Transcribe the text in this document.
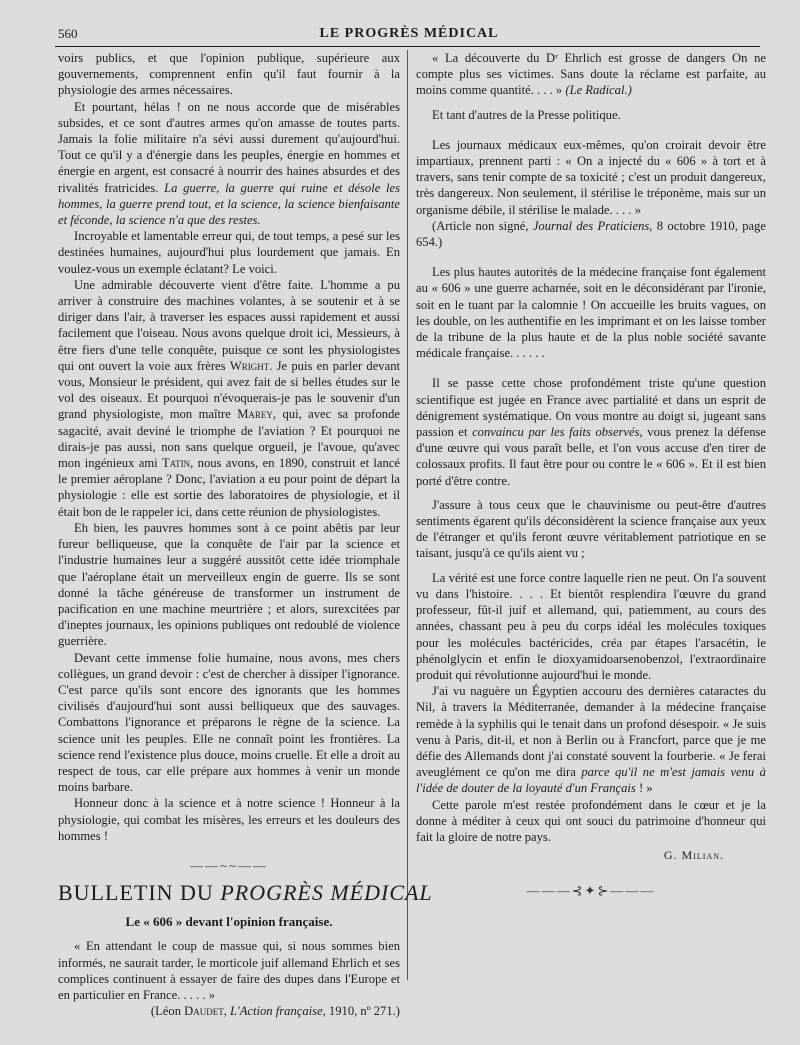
560	LE PROGRÈS MÉDICAL

voirs publics, et que l'opinion publique, supérieure aux gouvernements, comprennent enfin qu'il faut fournir à la physiologie des armes nécessaires.

Et pourtant, hélas ! on ne nous accorde que de misérables subsides, et ce sont d'autres armes qu'on amasse de toutes parts. Jamais la folie militaire n'a sévi aussi durement qu'aujourd'hui. Tout ce qu'il y a d'énergie dans les peuples, énergie en hommes et énergie en argent, est consacré à nourrir des haines absurdes et des rivalités fratricides. La guerre, la guerre qui ruine et désole les hommes, la guerre prend tout, et la science, la science bienfaisante et féconde, la science n'a que des restes.

Incroyable et lamentable erreur qui, de tout temps, a pesé sur les destinées humaines, aujourd'hui plus lourdement que jamais. En voulez-vous un exemple éclatant? Le voici.

Une admirable découverte vient d'être faite. L'homme a pu arriver à construire des machines volantes, à se soutenir et à se diriger dans l'air, à traverser les espaces aussi rapidement et aussi facilement que l'oiseau. Nous avons quelque droit ici, Messieurs, à être fiers d'une telle conquête, puisque ce sont les physiologistes qui ont ouvert la voie aux frères Wright. Je puis en parler devant vous, Monsieur le président, qui avez fait de si belles études sur le vol des oiseaux. Et pourquoi n'évoquerais-je pas le souvenir d'un grand physiologiste, mon maître Marey, qui, avec sa profonde sagacité, avait deviné le triomphe de l'aviation ? Et pourquoi ne dirais-je pas aussi, non sans quelque orgueil, je l'avoue, qu'avec mon ingénieux ami Tatin, nous avons, en 1890, construit et lancé le premier aéroplane ? Donc, l'aviation a eu pour point de départ la physiologie : elle est sortie des laboratoires de physiologie, et il était bon de le rappeler ici, dans cette réunion de physiologistes.

Eh bien, les pauvres hommes sont à ce point abêtis par leur fureur belliqueuse, que la conquête de l'air par la science et l'industrie humaines leur a suggéré aussitôt cette idée triomphale que l'aéroplane était un merveilleux engin de guerre. Ils se sont donné la tâche généreuse de transformer un instrument de pacification en une machine meurtrière ; et alors, surexcitées par d'ineptes journaux, les opinions publiques ont redoublé de violence guerrière.

Devant cette immense folie humaine, nous avons, mes chers collègues, un grand devoir : c'est de chercher à dissiper l'ignorance. C'est parce qu'ils sont encore des ignorants que les hommes civilisés d'aujourd'hui sont aussi belliqueux que des sauvages. Combattons l'ignorance et préparons le règne de la science. La science unit les peuples. Elle ne connaît point les frontières. La science rend l'existence plus douce, moins cruelle. Et elle a droit au respect de tous, car elle prépare aux hommes à venir un monde moins barbare.

Honneur donc à la science et à notre science ! Honneur à la physiologie, qui combat les misères, les erreurs et les douleurs des hommes !

——~~——
BULLETIN DU PROGRÈS MÉDICAL
Le « 606 » devant l'opinion française.

« En attendant le coup de massue qui, si nous sommes bien informés, ne saurait tarder, le morticole juif allemand Ehrlich et ses complices continuent à essayer de faire des dupes dans l'Europe et en particulier en France. . . . . »

(Léon Daudet, L'Action française, 1910, nº 271.)

« La découverte du Dʳ Ehrlich est grosse de dangers On ne compte plus ses victimes. Sans doute la réclame est parfaite, au moins comme quantité. . . . » (Le Radical.)

Et tant d'autres de la Presse politique.

Les journaux médicaux eux-mêmes, qu'on croirait devoir être impartiaux, prennent parti : « On a injecté du « 606 » à tort et à travers, sans tenir compte de sa toxicité ; c'est un produit dangereux, très dangereux. Non seulement, il stérilise le tréponème, mais sur un organisme débile, il stérilise le malade. . . . »

(Article non signé, Journal des Praticiens, 8 octobre 1910, page 654.)

Les plus hautes autorités de la médecine française font également au « 606 » une guerre acharnée, soit en le déconsidérant par l'ironie, soit en le tuant par la calomnie ! On accueille les bruits vagues, on les double, on les authentifie en les imprimant et on les laisse tomber de la tribune de la plus haute et de la plus noble société savante médicale française. . . . . .

Il se passe cette chose profondément triste qu'une question scientifique est jugée en France avec partialité et dans un esprit de dénigrement systématique. On vous montre au doigt si, jugeant sans passion et convaincu par les faits observés, vous prenez la défense d'une œuvre qui vous paraît belle, et l'on vous accuse d'en tirer de colossaux profits. Il faut être pour ou contre le « 606 ». Et il est bien porté d'être contre.

J'assure à tous ceux que le chauvinisme ou peut-être d'autres sentiments égarent qu'ils déconsidèrent la science française aux yeux de l'étranger et qu'ils feront œuvre véritablement patriotique en se taisant, jusqu'à ce qu'ils aient vu ;

La vérité est une force contre laquelle rien ne peut. On l'a souvent vu dans l'histoire. . . . Et bientôt resplendira l'œuvre du grand professeur, fût-il juif et allemand, qui, patiemment, au cours des années, chassant peu à peu du corps idéal les molécules toxiques pour les molécules bactéricides, créa par étapes l'arsacétin, le phénolglycin et enfin le dioxyamidoarsenobenzol, l'extraordinaire produit qui révolutionne aujourd'hui le monde.

J'ai vu naguère un Égyptien accouru des dernières cataractes du Nil, à travers la Méditerranée, demander à la médecine française remède à la syphilis qui le tenait dans un profond désespoir. « Je suis venu à Paris, dit-il, et non à Berlin ou à Francfort, parce que je me défie des Allemands dont j'ai constaté souvent la fourberie. « Je ferai aveuglément ce qu'on me dira parce qu'il ne m'est jamais venu à l'idée de douter de la loyauté d'un Français ! »

Cette parole m'est restée profondément dans le cœur et je la donne à méditer à ceux qui ont souci du patrimoine d'honneur qui fait la gloire de notre pays.

G. Milian.
———⊰✦⊱———
